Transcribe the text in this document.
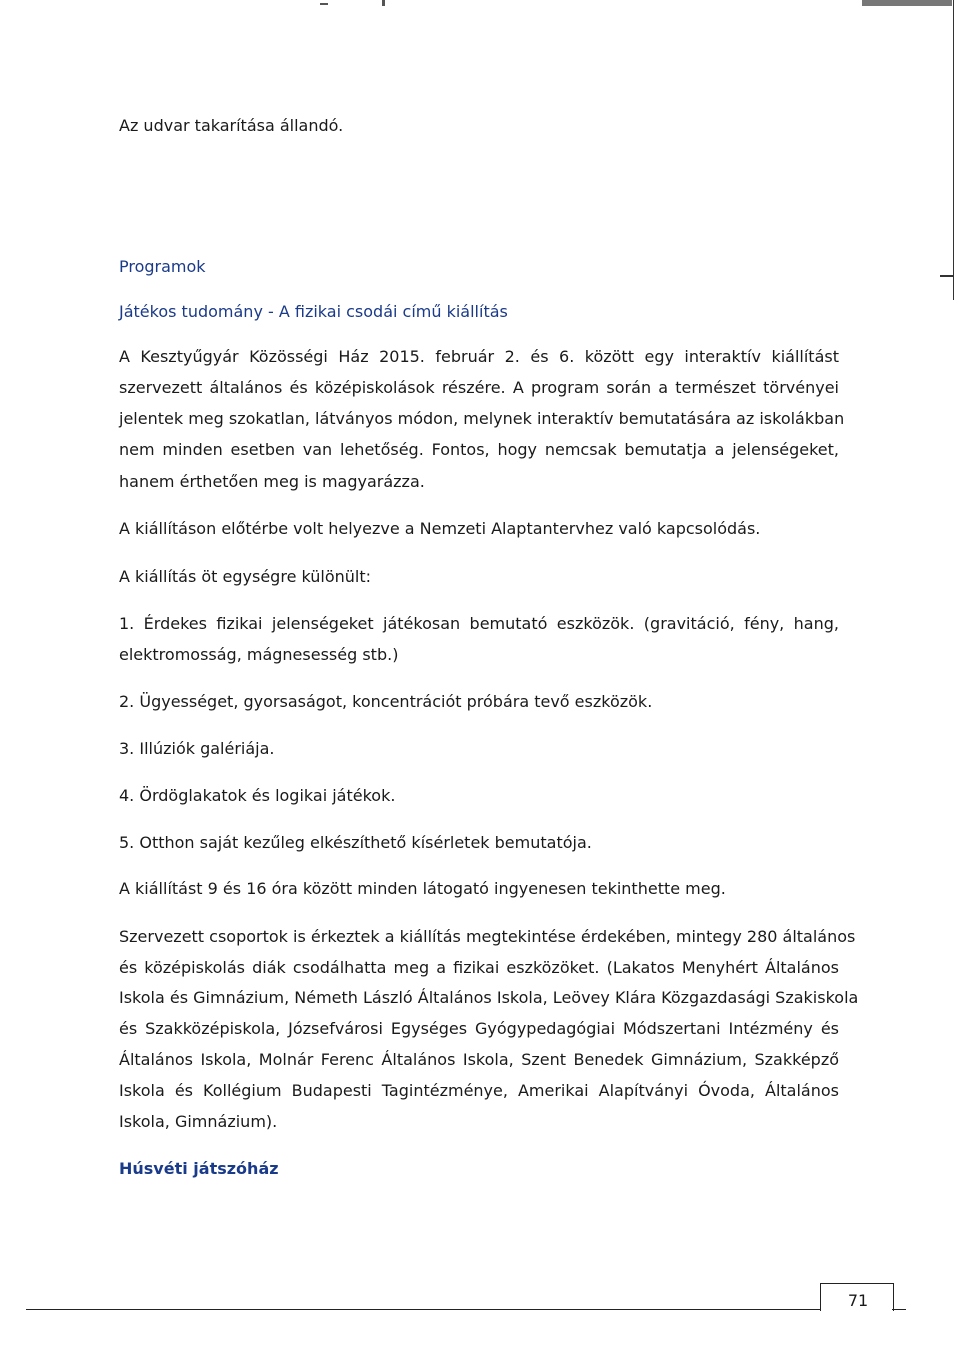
Az udvar takarítása állandó.
Programok
Játékos tudomány - A fizikai csodái című kiállítás
A Kesztyűgyár Közösségi Ház 2015. február 2. és 6. között egy interaktív kiállítást
szervezett általános és középiskolások részére. A program során a természet törvényei
jelentek meg szokatlan, látványos módon, melynek interaktív bemutatására az iskolákban
nem minden esetben van lehetőség. Fontos, hogy nemcsak bemutatja a jelenségeket,
hanem érthetően meg is magyarázza.
A kiállításon előtérbe volt helyezve a Nemzeti Alaptantervhez való kapcsolódás.
A kiállítás öt egységre különült:
1. Érdekes fizikai jelenségeket játékosan bemutató eszközök. (gravitáció, fény, hang,
elektromosság, mágnesesség stb.)
2. Ügyességet, gyorsaságot, koncentrációt próbára tevő eszközök.
3. Illúziók galériája.
4. Ördöglakatok és logikai játékok.
5. Otthon saját kezűleg elkészíthető kísérletek bemutatója.
A kiállítást 9 és 16 óra között minden látogató ingyenesen tekinthette meg.
Szervezett csoportok is érkeztek a kiállítás megtekintése érdekében, mintegy 280 általános
és középiskolás diák csodálhatta meg a fizikai eszközöket. (Lakatos Menyhért Általános
Iskola és Gimnázium, Németh László Általános Iskola, Leövey Klára Közgazdasági Szakiskola
és Szakközépiskola, Józsefvárosi Egységes Gyógypedagógiai Módszertani Intézmény és
Általános Iskola, Molnár Ferenc Általános Iskola, Szent Benedek Gimnázium, Szakképző
Iskola és Kollégium Budapesti Tagintézménye, Amerikai Alapítványi Óvoda, Általános
Iskola, Gimnázium).
Húsvéti játszóház
71
